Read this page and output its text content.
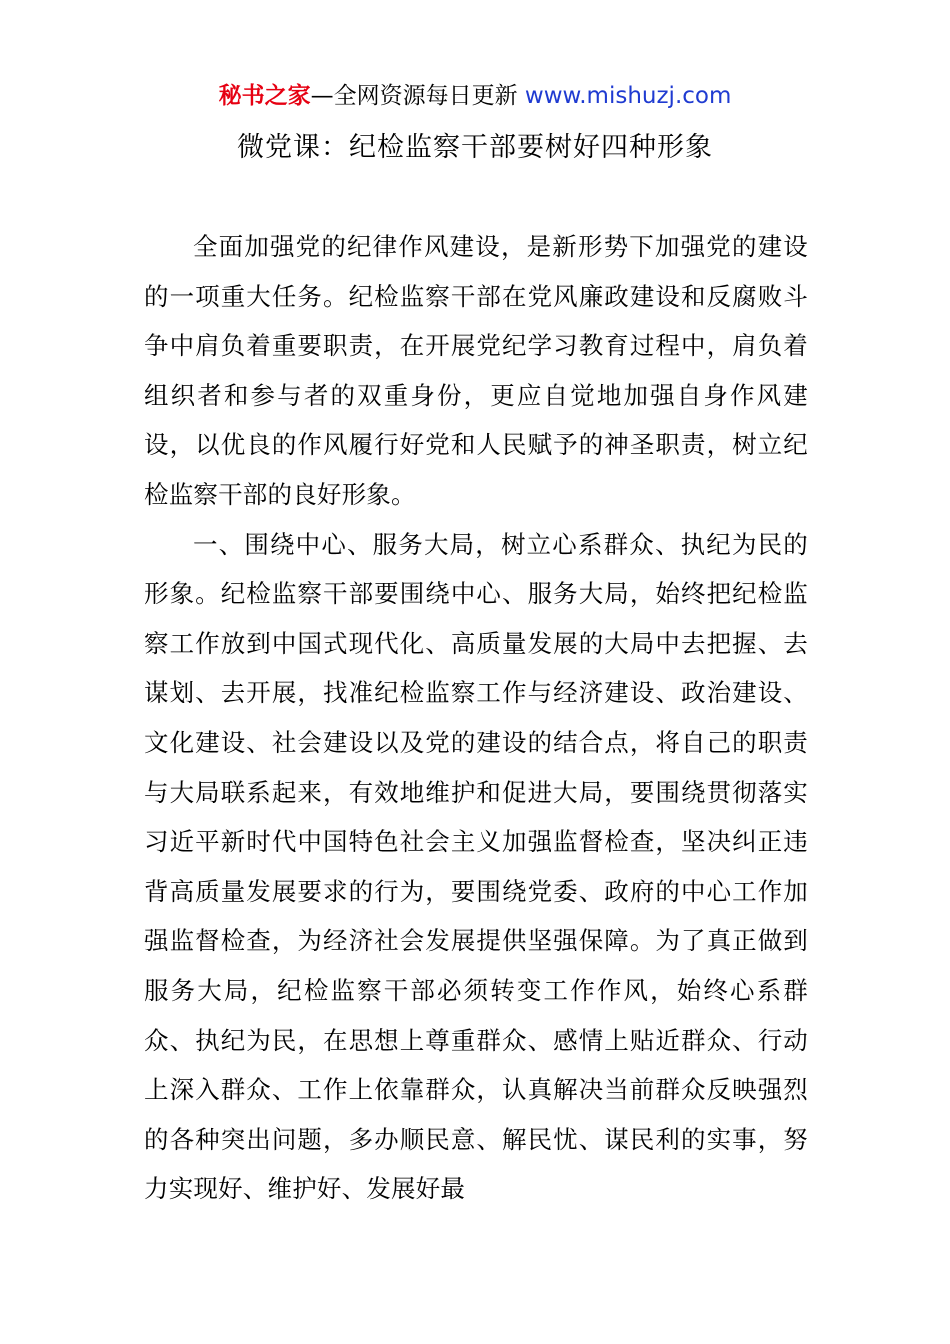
秘书之家—全网资源每日更新 www.mishuzj.com
微党课：纪检监察干部要树好四种形象

全面加强党的纪律作风建设，是新形势下加强党的建设的一项重大任务。纪检监察干部在党风廉政建设和反腐败斗争中肩负着重要职责，在开展党纪学习教育过程中，肩负着组织者和参与者的双重身份，更应自觉地加强自身作风建设，以优良的作风履行好党和人民赋予的神圣职责，树立纪检监察干部的良好形象。

一、围绕中心、服务大局，树立心系群众、执纪为民的形象。纪检监察干部要围绕中心、服务大局，始终把纪检监察工作放到中国式现代化、高质量发展的大局中去把握、去谋划、去开展，找准纪检监察工作与经济建设、政治建设、文化建设、社会建设以及党的建设的结合点，将自己的职责与大局联系起来，有效地维护和促进大局，要围绕贯彻落实习近平新时代中国特色社会主义加强监督检查，坚决纠正违背高质量发展要求的行为，要围绕党委、政府的中心工作加强监督检查，为经济社会发展提供坚强保障。为了真正做到服务大局，纪检监察干部必须转变工作作风，始终心系群众、执纪为民，在思想上尊重群众、感情上贴近群众、行动上深入群众、工作上依靠群众，认真解决当前群众反映强烈的各种突出问题，多办顺民意、解民忧、谋民利的实事，努力实现好、维护好、发展好最
